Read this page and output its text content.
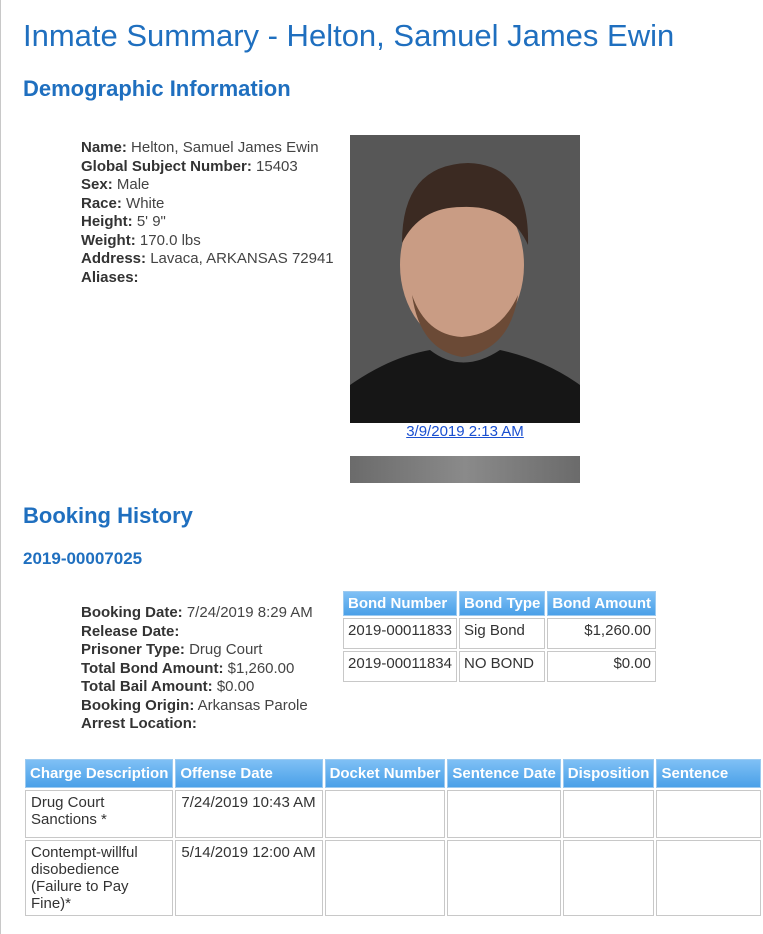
Inmate Summary - Helton, Samuel James Ewin
Demographic Information
Name: Helton, Samuel James Ewin
Global Subject Number: 15403
Sex: Male
Race: White
Height: 5' 9"
Weight: 170.0 lbs
Address: Lavaca, ARKANSAS 72941
Aliases:
3/9/2019 2:13 AM
Booking History
2019-00007025
Booking Date: 7/24/2019 8:29 AM
Release Date:
Prisoner Type: Drug Court
Total Bond Amount: $1,260.00
Total Bail Amount: $0.00
Booking Origin: Arkansas Parole
Arrest Location:
Bond Number	Bond Type	Bond Amount
2019-00011833	Sig Bond	$1,260.00
2019-00011834	NO BOND	$0.00
Charge Description	Offense Date	Docket Number	Sentence Date	Disposition	Sentence
Drug Court Sanctions *	7/24/2019 10:43 AM				
Contempt-willful disobedience (Failure to Pay Fine)*	5/14/2019 12:00 AM				
